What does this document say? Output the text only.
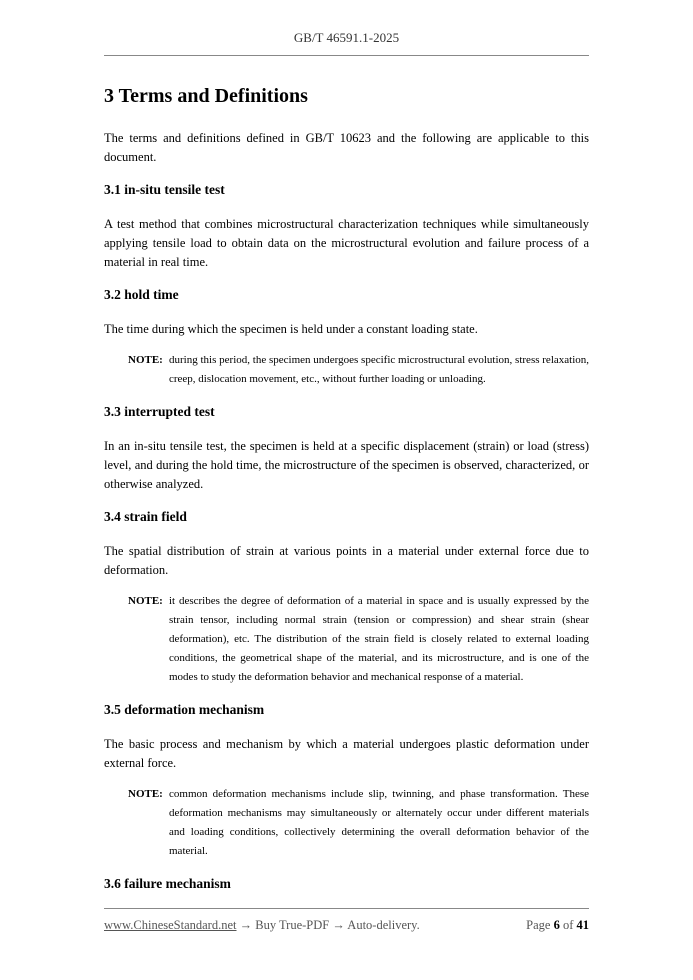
GB/T 46591.1-2025
3 Terms and Definitions

The terms and definitions defined in GB/T 10623 and the following are applicable to this document.

3.1 in-situ tensile test

A test method that combines microstructural characterization techniques while simultaneously applying tensile load to obtain data on the microstructural evolution and failure process of a material in real time.

3.2 hold time

The time during which the specimen is held under a constant loading state.

NOTE: during this period, the specimen undergoes specific microstructural evolution, stress relaxation, creep, dislocation movement, etc., without further loading or unloading.
3.3 interrupted test

In an in-situ tensile test, the specimen is held at a specific displacement (strain) or load (stress) level, and during the hold time, the microstructure of the specimen is observed, characterized, or otherwise analyzed.

3.4 strain field

The spatial distribution of strain at various points in a material under external force due to deformation.

NOTE: it describes the degree of deformation of a material in space and is usually expressed by the strain tensor, including normal strain (tension or compression) and shear strain (shear deformation), etc. The distribution of the strain field is closely related to external loading conditions, the geometrical shape of the material, and its microstructure, and is one of the modes to study the deformation behavior and mechanical response of a material.
3.5 deformation mechanism

The basic process and mechanism by which a material undergoes plastic deformation under external force.

NOTE: common deformation mechanisms include slip, twinning, and phase transformation. These deformation mechanisms may simultaneously or alternately occur under different materials and loading conditions, collectively determining the overall deformation behavior of the material.
3.6 failure mechanism
www.ChineseStandard.net → Buy True-PDF → Auto-delivery.	Page 6 of 41
